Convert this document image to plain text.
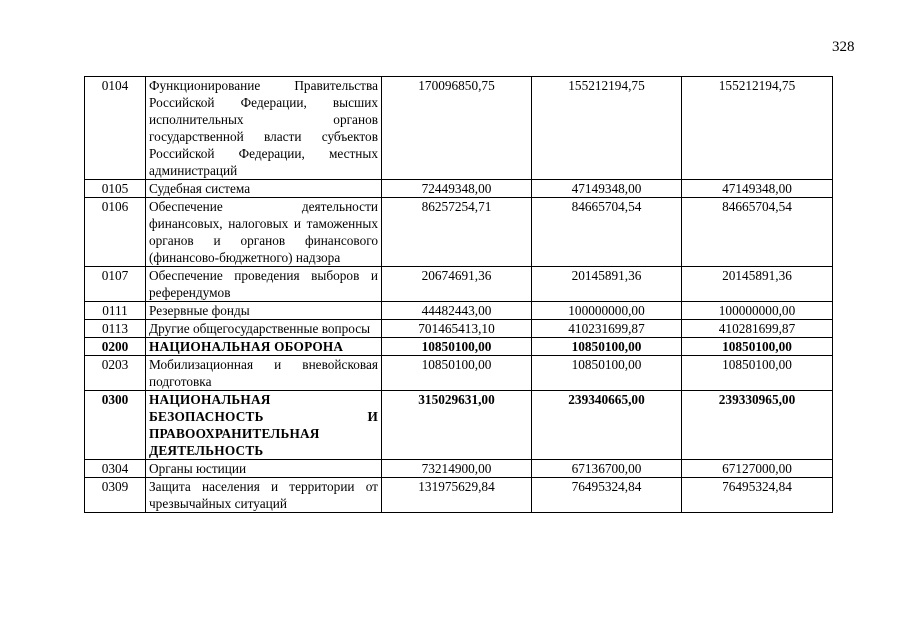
328
0104	Функционирование Правительства Российской Федерации, высших исполнительных органов государственной власти субъектов Российской Федерации, местных администраций	170096850,75	155212194,75	155212194,75
0105	Судебная система	72449348,00	47149348,00	47149348,00
0106	Обеспечение деятельности финансовых, налоговых и таможенных органов и органов финансового (финансово-бюджетного) надзора	86257254,71	84665704,54	84665704,54
0107	Обеспечение проведения выборов и референдумов	20674691,36	20145891,36	20145891,36
0111	Резервные фонды	44482443,00	100000000,00	100000000,00
0113	Другие общегосударственные вопросы	701465413,10	410231699,87	410281699,87
0200	НАЦИОНАЛЬНАЯ ОБОРОНА	10850100,00	10850100,00	10850100,00
0203	Мобилизационная и вневойсковая подготовка	10850100,00	10850100,00	10850100,00
0300	НАЦИОНАЛЬНАЯ БЕЗОПАСНОСТЬ И ПРАВООХРАНИТЕЛЬНАЯ ДЕЯТЕЛЬНОСТЬ	315029631,00	239340665,00	239330965,00
0304	Органы юстиции	73214900,00	67136700,00	67127000,00
0309	Защита населения и территории от чрезвычайных ситуаций	131975629,84	76495324,84	76495324,84
